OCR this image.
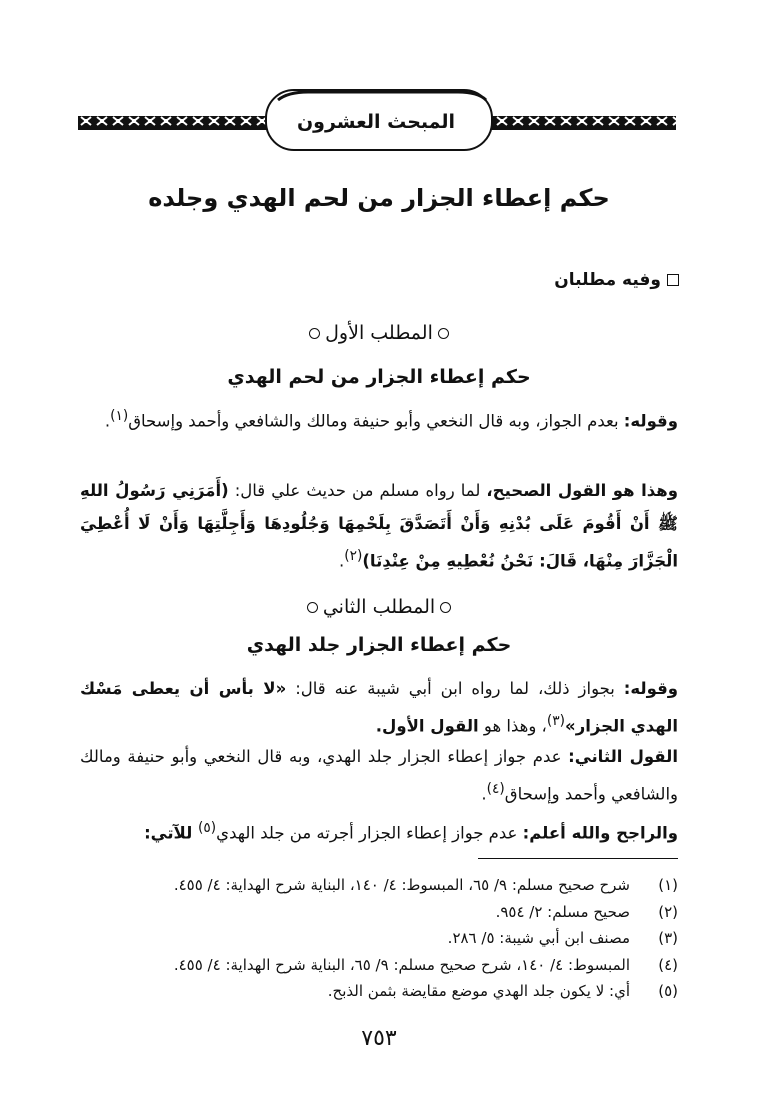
المبحث العشرون
حكم إعطاء الجزار من لحم الهدي وجلده
وفيه مطلبان
المطلب الأول
حكم إعطاء الجزار من لحم الهدي
وقوله: بعدم الجواز، وبه قال النخعي وأبو حنيفة ومالك والشافعي وأحمد وإسحاق$^{(١)}$.
وهذا هو القول الصحيح، لما رواه مسلم من حديث علي قال: (أَمَرَنِي رَسُولُ اللهِ ﷺ أَنْ أَقُومَ عَلَى بُدْنِهِ وَأَنْ أَتَصَدَّقَ بِلَحْمِهَا وَجُلُودِهَا وَأَجِلَّتِهَا وَأَنْ لَا أُعْطِيَ الْجَزَّارَ مِنْهَا، قَالَ: نَحْنُ نُعْطِيهِ مِنْ عِنْدِنَا)$^{(٢)}$.
المطلب الثاني
حكم إعطاء الجزار جلد الهدي
وقوله: بجواز ذلك، لما رواه ابن أبي شيبة عنه قال: «لا بأس أن يعطى مَسْك الهدي الجزار»$^{(٣)}$، وهذا هو القول الأول.
القول الثاني: عدم جواز إعطاء الجزار جلد الهدي، وبه قال النخعي وأبو حنيفة ومالك والشافعي وأحمد وإسحاق$^{(٤)}$.
والراجح والله أعلم: عدم جواز إعطاء الجزار أجرته من جلد الهدي$^{(٥)}$ للآتي:
(١)
شرح صحيح مسلم: ٩/ ٦٥، المبسوط: ٤/ ١٤٠، البناية شرح الهداية: ٤/ ٤٥٥.
(٢)
صحيح مسلم: ٢/ ٩٥٤.
(٣)
مصنف ابن أبي شيبة: ٥/ ٢٨٦.
(٤)
المبسوط: ٤/ ١٤٠، شرح صحيح مسلم: ٩/ ٦٥، البناية شرح الهداية: ٤/ ٤٥٥.
(٥)
أي: لا يكون جلد الهدي موضع مقايضة بثمن الذبح.
٧٥٣
